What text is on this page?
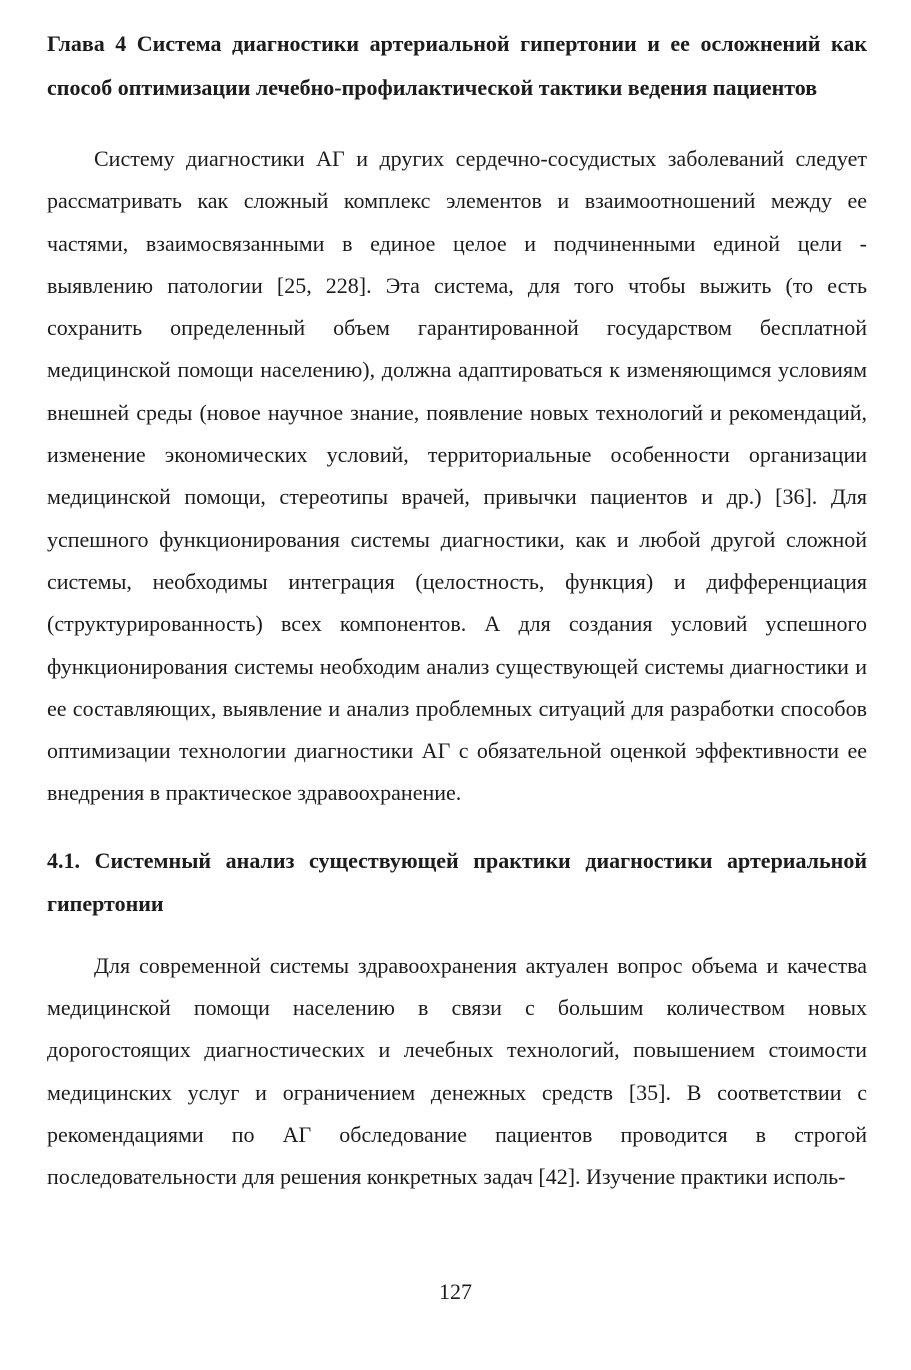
Глава 4 Система диагностики артериальной гипертонии и ее осложнений как способ оптимизации лечебно-профилактической тактики ведения пациентов

Систему диагностики АГ и других сердечно-сосудистых заболеваний следует рассматривать как сложный комплекс элементов и взаимоотношений между ее частями, взаимосвязанными в единое целое и подчиненными единой цели - выявлению патологии [25, 228]. Эта система, для того чтобы выжить (то есть сохранить определенный объем гарантированной государством бесплатной медицинской помощи населению), должна адаптироваться к изменяющимся условиям внешней среды (новое научное знание, появление новых технологий и рекомендаций, изменение экономических условий, территориальные особенности организации медицинской помощи, стереотипы врачей, привычки пациентов и др.) [36]. Для успешного функционирования системы диагностики, как и любой другой сложной системы, необходимы интеграция (целостность, функция) и дифференциация (структурированность) всех компонентов. А для создания условий успешного функционирования системы необходим анализ существующей системы диагностики и ее составляющих, выявление и анализ проблемных ситуаций для разработки способов оптимизации технологии диагностики АГ с обязательной оценкой эффективности ее внедрения в практическое здравоохранение.

4.1. Системный анализ существующей практики диагностики артериальной гипертонии

Для современной системы здравоохранения актуален вопрос объема и качества медицинской помощи населению в связи с большим количеством новых дорогостоящих диагностических и лечебных технологий, повышением стоимости медицинских услуг и ограничением денежных средств [35]. В соответствии с рекомендациями по АГ обследование пациентов проводится в строгой последовательности для решения конкретных задач [42]. Изучение практики исполь-

127
